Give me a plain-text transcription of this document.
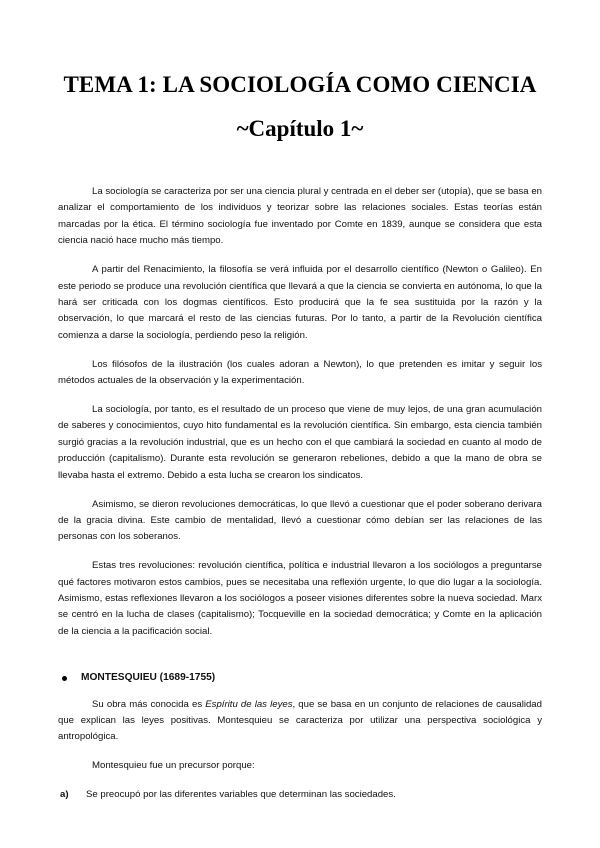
TEMA 1: LA SOCIOLOGÍA COMO CIENCIA
~Capítulo 1~

La sociología se caracteriza por ser una ciencia plural y centrada en el deber ser (utopía), que se basa en analizar el comportamiento de los individuos y teorizar sobre las relaciones sociales. Estas teorías están marcadas por la ética. El término sociología fue inventado por Comte en 1839, aunque se considera que esta ciencia nació hace mucho más tiempo.

A partir del Renacimiento, la filosofía se verá influida por el desarrollo científico (Newton o Galileo). En este periodo se produce una revolución científica que llevará a que la ciencia se convierta en autónoma, lo que la hará ser criticada con los dogmas científicos. Esto producirá que la fe sea sustituida por la razón y la observación, lo que marcará el resto de las ciencias futuras. Por lo tanto, a partir de la Revolución científica comienza a darse la sociología, perdiendo peso la religión.

Los filósofos de la ilustración (los cuales adoran a Newton), lo que pretenden es imitar y seguir los métodos actuales de la observación y la experimentación.

La sociología, por tanto, es el resultado de un proceso que viene de muy lejos, de una gran acumulación de saberes y conocimientos, cuyo hito fundamental es la revolución científica. Sin embargo, esta ciencia también surgió gracias a la revolución industrial, que es un hecho con el que cambiará la sociedad en cuanto al modo de producción (capitalismo). Durante esta revolución se generaron rebeliones, debido a que la mano de obra se llevaba hasta el extremo. Debido a esta lucha se crearon los sindicatos.

Asimismo, se dieron revoluciones democráticas, lo que llevó a cuestionar que el poder soberano derivara de la gracia divina. Este cambio de mentalidad, llevó a cuestionar cómo debían ser las relaciones de las personas con los soberanos.

Estas tres revoluciones: revolución científica, política e industrial llevaron a los sociólogos a preguntarse qué factores motivaron estos cambios, pues se necesitaba una reflexión urgente, lo que dio lugar a la sociología. Asimismo, estas reflexiones llevaron a los sociólogos a poseer visiones diferentes sobre la nueva sociedad. Marx se centró en la lucha de clases (capitalismo); Tocqueville en la sociedad democrática; y Comte en la aplicación de la ciencia a la pacificación social.

MONTESQUIEU (1689-1755)

Su obra más conocida es Espíritu de las leyes, que se basa en un conjunto de relaciones de causalidad que explican las leyes positivas. Montesquieu se caracteriza por utilizar una perspectiva sociológica y antropológica.

Montesquieu fue un precursor porque:

a)	Se preocupó por las diferentes variables que determinan las sociedades.
